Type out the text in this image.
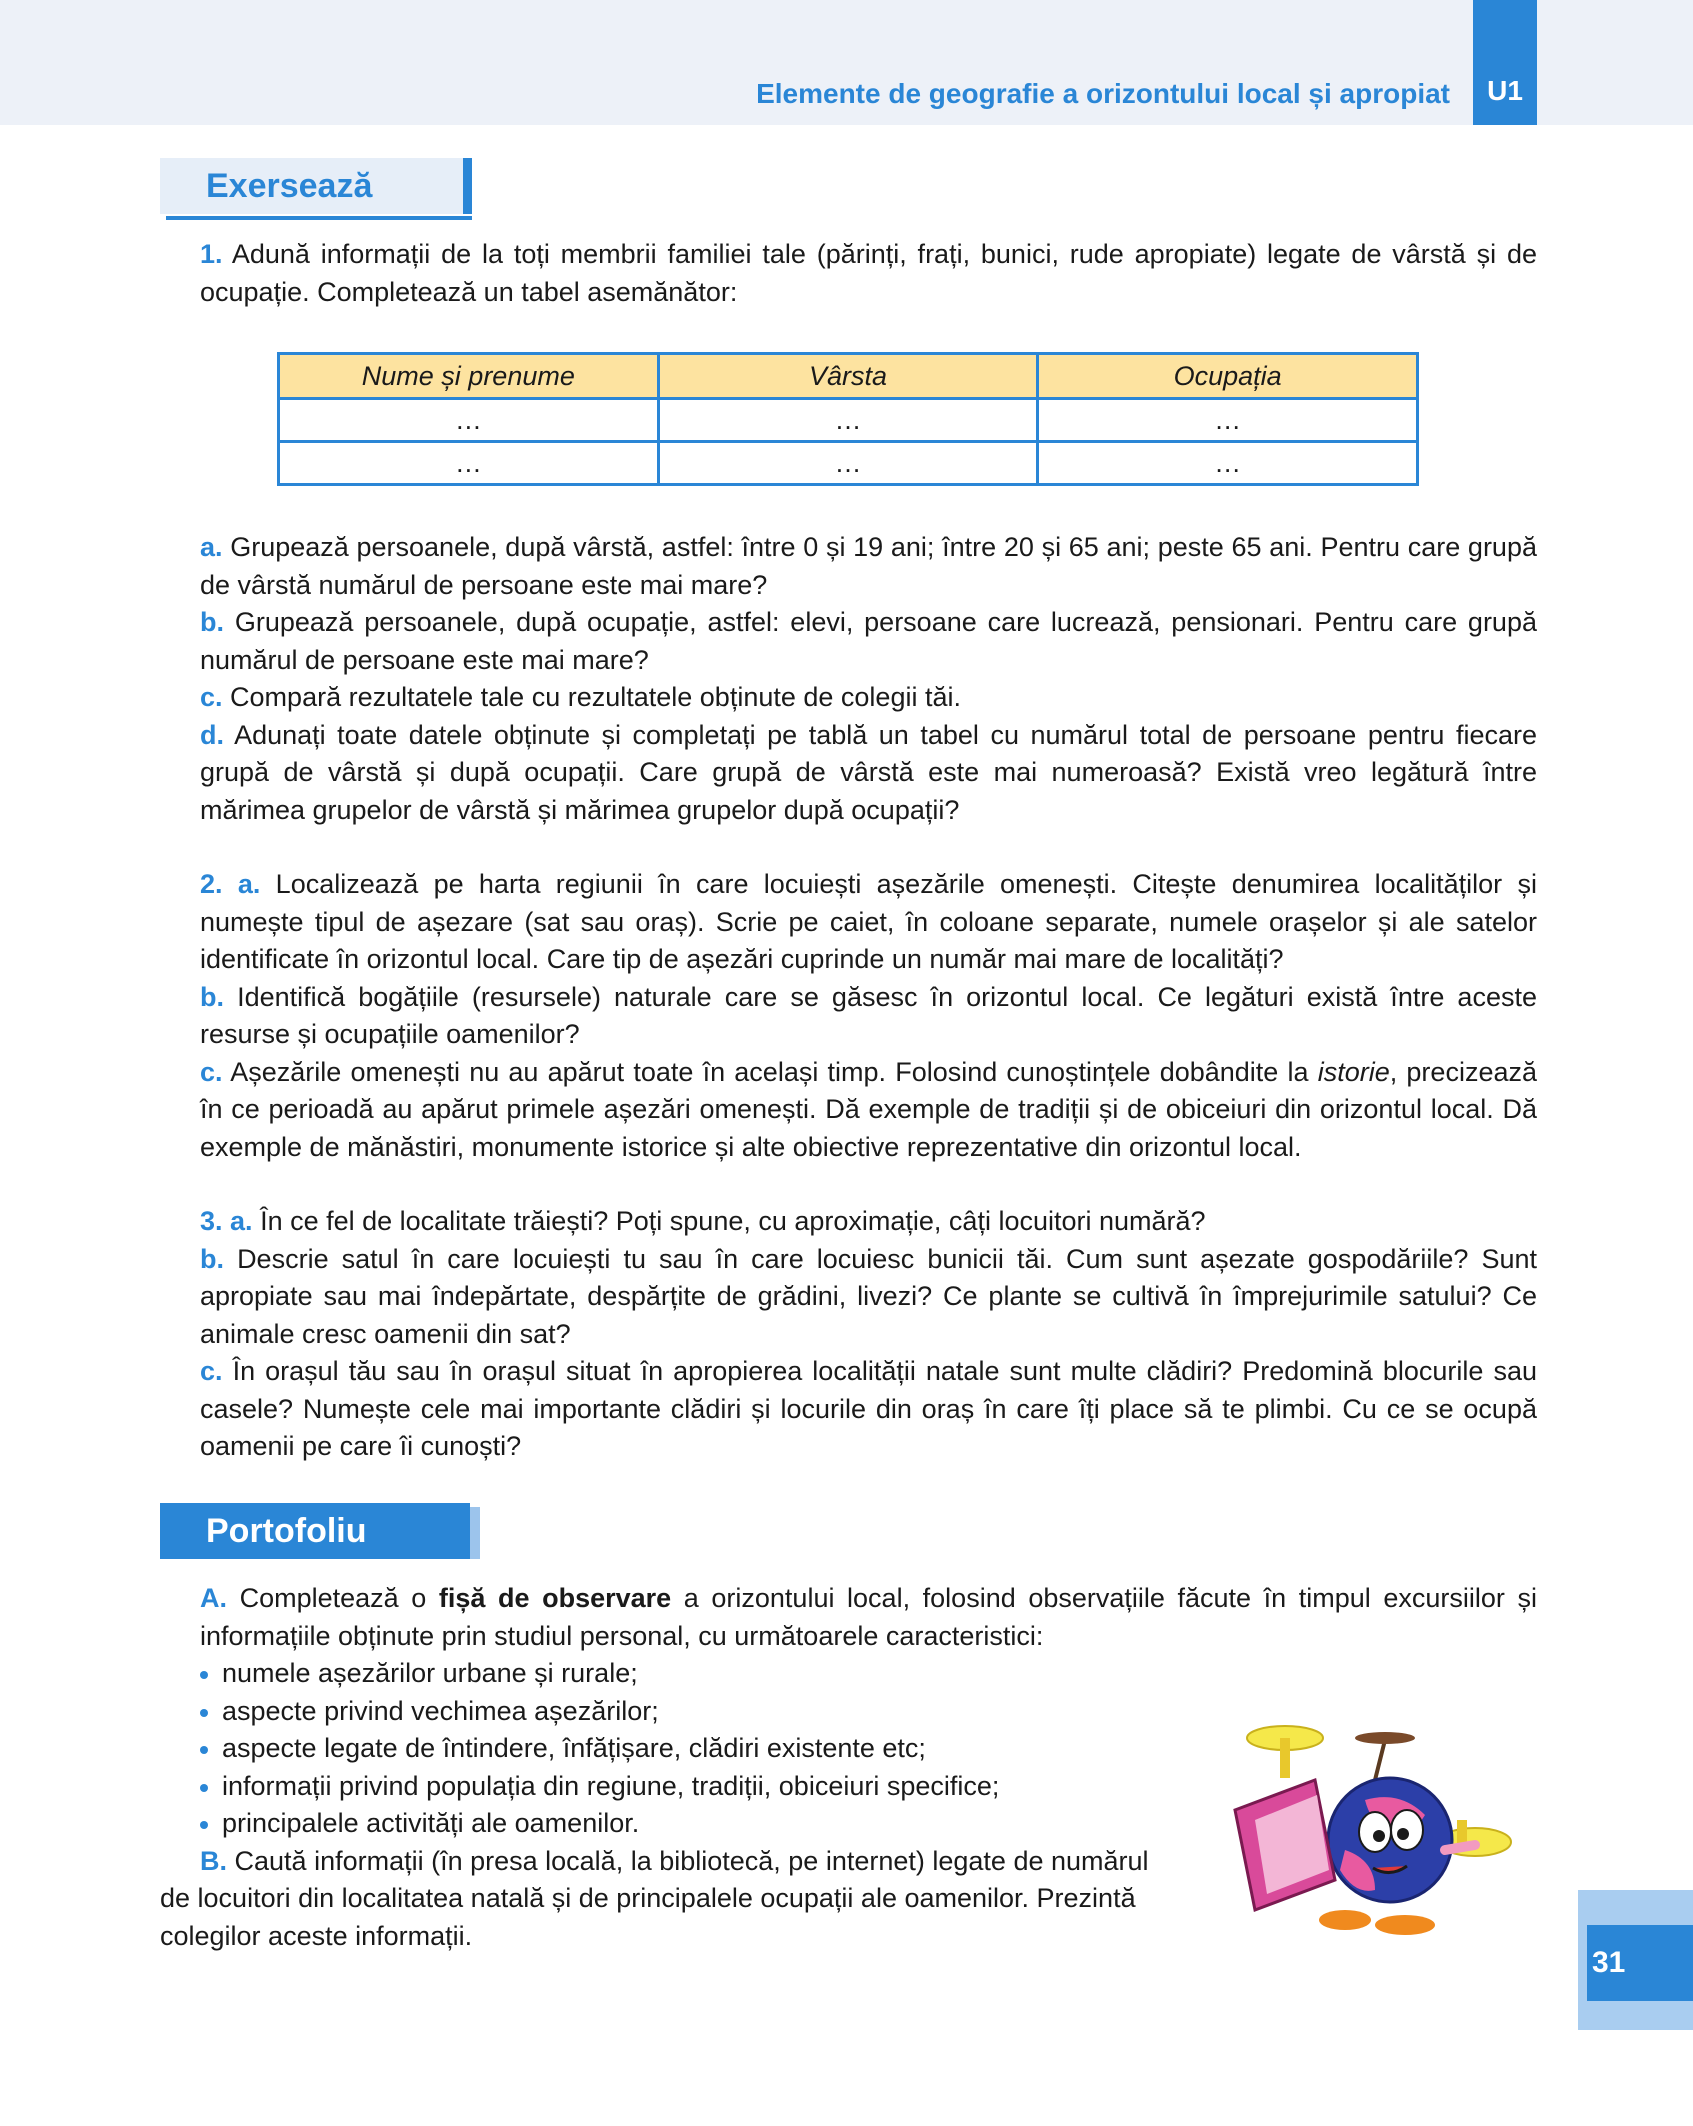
Elemente de geografie a orizontului local și apropiat U1
Exersează

1. Adună informații de la toți membrii familiei tale (părinți, frați, bunici, rude apropiate) legate de vârstă și de ocupație. Completează un tabel asemănător:

Nume și prenume	Vârsta	Ocupația
…	…	…
…	…	…

a. Grupează persoanele, după vârstă, astfel: între 0 și 19 ani; între 20 și 65 ani; peste 65 ani. Pentru care grupă de vârstă numărul de persoane este mai mare?

b. Grupează persoanele, după ocupație, astfel: elevi, persoane care lucrează, pensionari. Pentru care grupă numărul de persoane este mai mare?

c. Compară rezultatele tale cu rezultatele obținute de colegii tăi.

d. Adunați toate datele obținute și completați pe tablă un tabel cu numărul total de persoane pentru fiecare grupă de vârstă și după ocupații. Care grupă de vârstă este mai numeroasă? Există vreo legătură între mărimea grupelor de vârstă și mărimea grupelor după ocupații?

2. a. Localizează pe harta regiunii în care locuiești așezările omenești. Citește denumirea localităților și numește tipul de așezare (sat sau oraș). Scrie pe caiet, în coloane separate, numele orașelor și ale satelor identificate în orizontul local. Care tip de așezări cuprinde un număr mai mare de localități?

b. Identifică bogățiile (resursele) naturale care se găsesc în orizontul local. Ce legături există între aceste resurse și ocupațiile oamenilor?

c. Așezările omenești nu au apărut toate în același timp. Folosind cunoștințele dobândite la istorie, precizează în ce perioadă au apărut primele așezări omenești. Dă exemple de tradiții și de obiceiuri din orizontul local. Dă exemple de mănăstiri, monumente istorice și alte obiective reprezentative din orizontul local.

3. a. În ce fel de localitate trăiești? Poți spune, cu aproximație, câți locuitori numără?

b. Descrie satul în care locuiești tu sau în care locuiesc bunicii tăi. Cum sunt așezate gospodăriile? Sunt apropiate sau mai îndepărtate, despărțite de grădini, livezi? Ce plante se cultivă în împrejurimile satului? Ce animale cresc oamenii din sat?

c. În orașul tău sau în orașul situat în apropierea localității natale sunt multe clădiri? Predomină blocurile sau casele? Numește cele mai importante clădiri și locurile din oraș în care îți place să te plimbi. Cu ce se ocupă oamenii pe care îi cunoști?

Portofoliu

A. Completează o fișă de observare a orizontului local, folosind observațiile făcute în timpul excursiilor și informațiile obținute prin studiul personal, cu următoarele caracteristici:

numele așezărilor urbane și rurale;
aspecte privind vechimea așezărilor;
aspecte legate de întindere, înfățișare, clădiri existente etc;
informații privind populația din regiune, tradiții, obiceiuri specifice;
principalele activități ale oamenilor.
B. Caută informații (în presa locală, la bibliotecă, pe internet) legate de numărul
de locuitori din localitatea natală și de principalele ocupații ale oamenilor. Prezintă
colegilor aceste informații.
31
